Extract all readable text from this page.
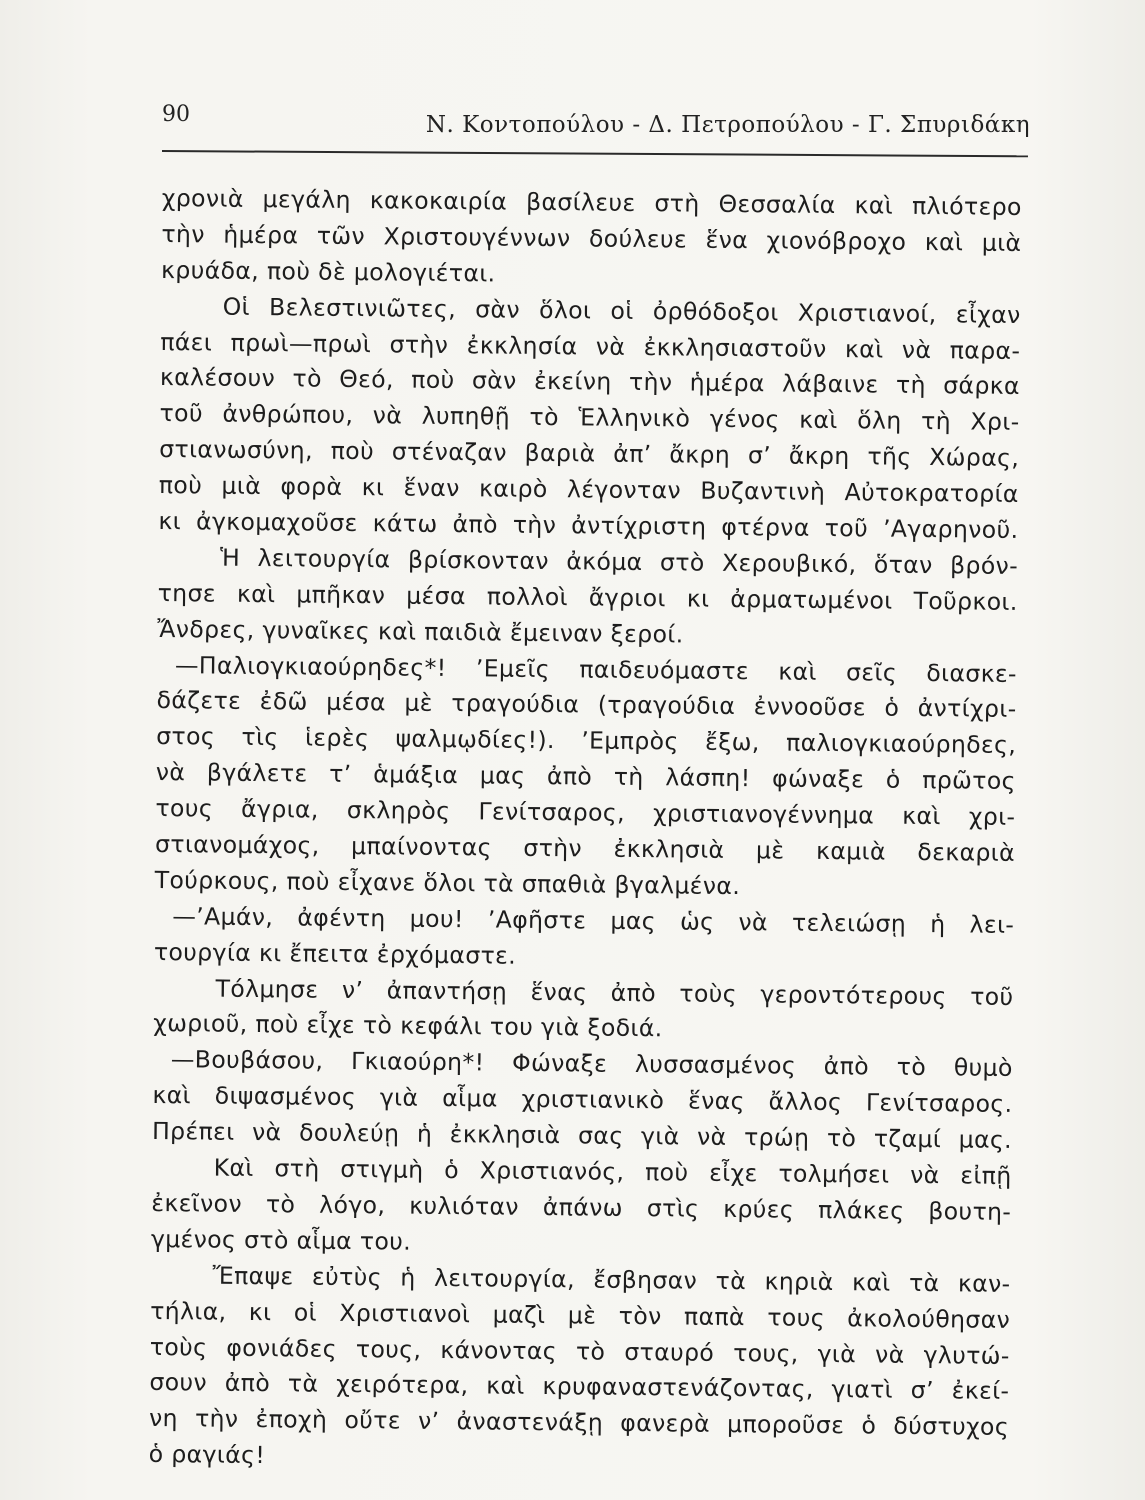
90	Ν. Κοντοπούλου - Δ. Πετροπούλου - Γ. Σπυριδάκη
χρονιὰ μεγάλη κακοκαιρία βασίλευε στὴ Θεσσαλία καὶ πλιότερο
τὴν ἡμέρα τῶν Χριστουγέννων δούλευε ἕνα χιονόβροχο καὶ μιὰ
κρυάδα, ποὺ δὲ μολογιέται.
Οἱ Βελεστινιῶτες, σὰν ὅλοι οἱ ὀρθόδοξοι Χριστιανοί, εἶχαν
πάει πρωὶ—πρωὶ στὴν ἐκκλησία νὰ ἐκκλησιαστοῦν καὶ νὰ παρα-
καλέσουν τὸ Θεό, ποὺ σὰν ἐκείνη τὴν ἡμέρα λάβαινε τὴ σάρκα
τοῦ ἀνθρώπου, νὰ λυπηθῇ τὸ Ἑλληνικὸ γένος καὶ ὅλη τὴ Χρι-
στιανωσύνη, ποὺ στέναζαν βαριὰ ἀπ’ ἄκρη σ’ ἄκρη τῆς Χώρας,
ποὺ μιὰ φορὰ κι ἕναν καιρὸ λέγονταν Βυζαντινὴ Αὐτοκρατορία
κι ἀγκομαχοῦσε κάτω ἀπὸ τὴν ἀντίχριστη φτέρνα τοῦ ’Αγαρηνοῦ.
Ἡ λειτουργία βρίσκονταν ἀκόμα στὸ Χερουβικό, ὅταν βρόν-
τησε καὶ μπῆκαν μέσα πολλοὶ ἄγριοι κι ἀρματωμένοι Τοῦρκοι.
Ἄνδρες, γυναῖκες καὶ παιδιὰ ἔμειναν ξεροί.
—Παλιογκιαούρηδες*! ’Εμεῖς παιδευόμαστε καὶ σεῖς διασκε-
δάζετε ἐδῶ μέσα μὲ τραγούδια (τραγούδια ἐννοοῦσε ὁ ἀντίχρι-
στος τὶς ἱερὲς ψαλμῳδίες!). ’Εμπρὸς ἔξω, παλιογκιαούρηδες,
νὰ βγάλετε τ’ ἁμάξια μας ἀπὸ τὴ λάσπη! φώναξε ὁ πρῶτος
τους ἄγρια, σκληρὸς Γενίτσαρος, χριστιανογέννημα καὶ χρι-
στιανομάχος, μπαίνοντας στὴν ἐκκλησιὰ μὲ καμιὰ δεκαριὰ
Τούρκους, ποὺ εἶχανε ὅλοι τὰ σπαθιὰ βγαλμένα.
—’Αμάν, ἀφέντη μου! ’Αφῆστε μας ὡς νὰ τελειώσῃ ἡ λει-
τουργία κι ἔπειτα ἐρχόμαστε.
Τόλμησε ν’ ἀπαντήσῃ ἕνας ἀπὸ τοὺς γεροντότερους τοῦ
χωριοῦ, ποὺ εἶχε τὸ κεφάλι του γιὰ ξοδιά.
—Βουβάσου, Γκιαούρη*! Φώναξε λυσσασμένος ἀπὸ τὸ θυμὸ
καὶ διψασμένος γιὰ αἷμα χριστιανικὸ ἕνας ἄλλος Γενίτσαρος.
Πρέπει νὰ δουλεύῃ ἡ ἐκκλησιὰ σας γιὰ νὰ τρώῃ τὸ τζαμί μας.
Καὶ στὴ στιγμὴ ὁ Χριστιανός, ποὺ εἶχε τολμήσει νὰ εἰπῇ
ἐκεῖνον τὸ λόγο, κυλιόταν ἀπάνω στὶς κρύες πλάκες βουτη-
γμένος στὸ αἷμα του.
Ἔπαψε εὐτὺς ἡ λειτουργία, ἔσβησαν τὰ κηριὰ καὶ τὰ καν-
τήλια, κι οἱ Χριστιανοὶ μαζὶ μὲ τὸν παπὰ τους ἀκολούθησαν
τοὺς φονιάδες τους, κάνοντας τὸ σταυρό τους, γιὰ νὰ γλυτώ-
σουν ἀπὸ τὰ χειρότερα, καὶ κρυφαναστενάζοντας, γιατὶ σ’ ἐκεί-
νη τὴν ἐποχὴ οὔτε ν’ ἀναστενάξῃ φανερὰ μποροῦσε ὁ δύστυχος
ὁ ραγιάς!
